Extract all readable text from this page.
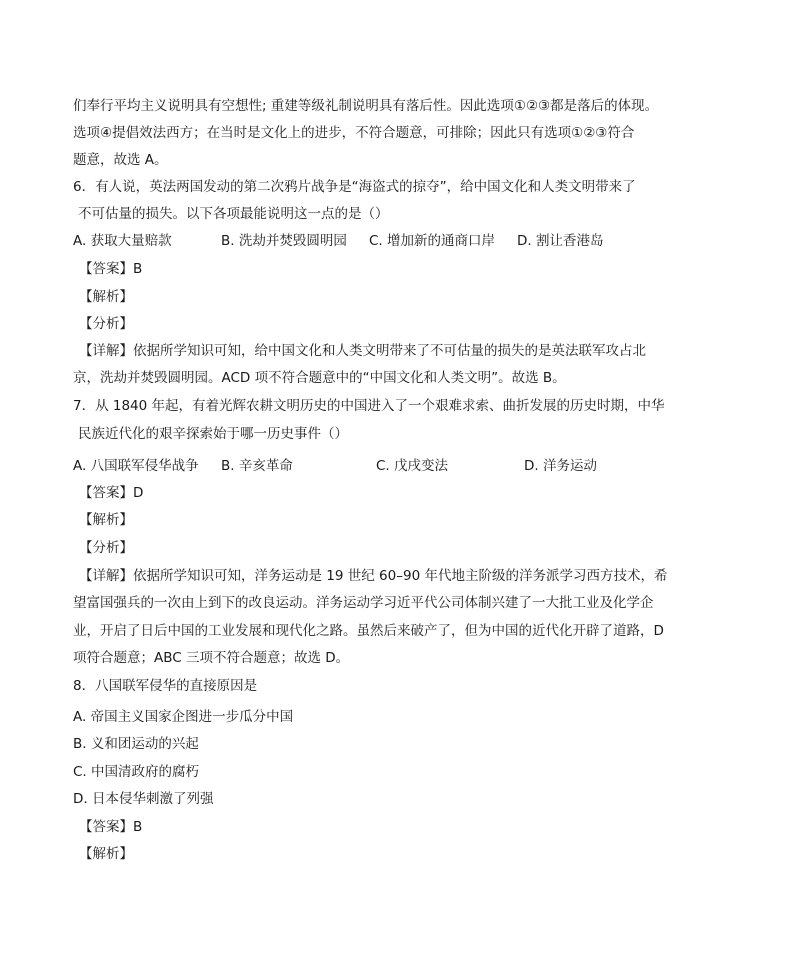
们奉行平均主义说明具有空想性; 重建等级礼制说明具有落后性。因此选项①②③都是落后的体现。
选项④提倡效法西方；在当时是文化上的进步，不符合题意，可排除；因此只有选项①②③符合
题意，故选 A。
6．有人说，英法两国发动的第二次鸦片战争是“海盗式的掠夺”，给中国文化和人类文明带来了
不可估量的损失。以下各项最能说明这一点的是（）
A. 获取大量赔款	B. 洗劫并焚毁圆明园 C. 增加新的通商口岸 D. 割让香港岛
【答案】B
【解析】
【分析】
【详解】依据所学知识可知，给中国文化和人类文明带来了不可估量的损失的是英法联军攻占北
京，洗劫并焚毁圆明园。ACD 项不符合题意中的“中国文化和人类文明”。故选 B。
7．从 1840 年起，有着光辉农耕文明历史的中国进入了一个艰难求索、曲折发展的历史时期，中华
民族近代化的艰辛探索始于哪一历史事件（）
A. 八国联军侵华战争 B. 辛亥革命	C. 戊戌变法	D. 洋务运动
【答案】D
【解析】
【分析】
【详解】依据所学知识可知，洋务运动是 19 世纪 60–90 年代地主阶级的洋务派学习西方技术，希
望富国强兵的一次由上到下的改良运动。洋务运动学习近平代公司体制兴建了一大批工业及化学企
业，开启了日后中国的工业发展和现代化之路。虽然后来破产了，但为中国的近代化开辟了道路，D
项符合题意；ABC 三项不符合题意；故选 D。
8．八国联军侵华的直接原因是
A. 帝国主义国家企图进一步瓜分中国
B. 义和团运动的兴起
C. 中国清政府的腐朽
D. 日本侵华刺激了列强
【答案】B
【解析】
